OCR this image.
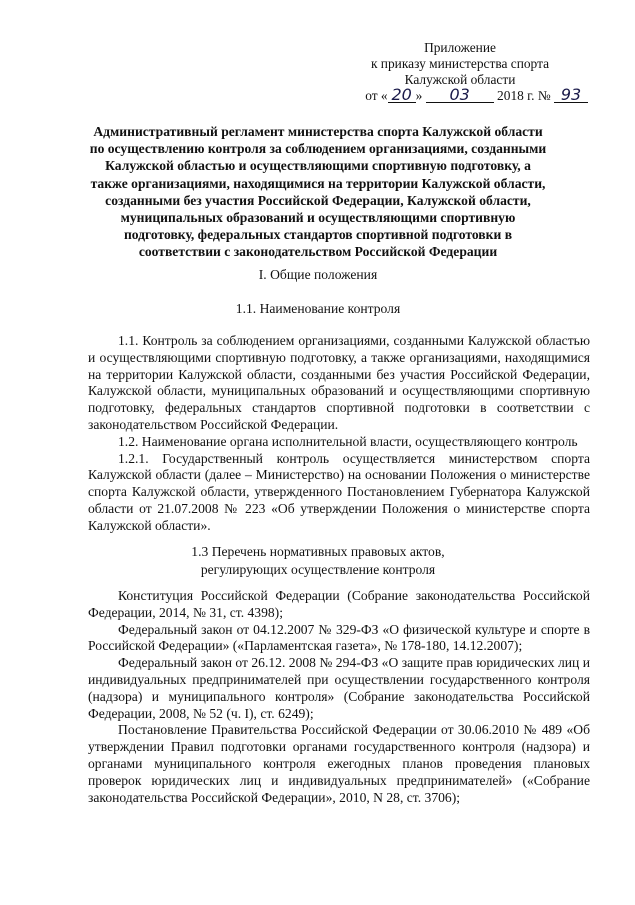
Приложение
к приказу министерства спорта
Калужской области
от « 20 » 03 2018 г. № 93
Административный регламент министерства спорта Калужской области по осуществлению контроля за соблюдением организациями, созданными Калужской областью и осуществляющими спортивную подготовку, а также организациями, находящимися на территории Калужской области, созданными без участия Российской Федерации, Калужской области, муниципальных образований и осуществляющими спортивную подготовку, федеральных стандартов спортивной подготовки в соответствии с законодательством Российской Федерации
I. Общие положения
1.1. Наименование контроля

1.1. Контроль за соблюдением организациями, созданными Калужской областью и осуществляющими спортивную подготовку, а также организациями, находящимися на территории Калужской области, созданными без участия Российской Федерации, Калужской области, муниципальных образований и осуществляющими спортивную подготовку, федеральных стандартов спортивной подготовки в соответствии с законодательством Российской Федерации.

1.2. Наименование органа исполнительной власти, осуществляющего контроль

1.2.1. Государственный контроль осуществляется министерством спорта Калужской области (далее – Министерство) на основании Положения о министерстве спорта Калужской области, утвержденного Постановлением Губернатора Калужской области от 21.07.2008 № 223 «Об утверждении Положения о министерстве спорта Калужской области».

1.3 Перечень нормативных правовых актов,
регулирующих осуществление контроля

Конституция Российской Федерации (Собрание законодательства Российской Федерации, 2014, № 31, ст. 4398);

Федеральный закон от 04.12.2007 № 329-ФЗ «О физической культуре и спорте в Российской Федерации» («Парламентская газета», № 178-180, 14.12.2007);

Федеральный закон от 26.12. 2008 № 294-ФЗ «О защите прав юридических лиц и индивидуальных предпринимателей при осуществлении государственного контроля (надзора) и муниципального контроля» (Собрание законодательства Российской Федерации, 2008, № 52 (ч. I), ст. 6249);

Постановление Правительства Российской Федерации от 30.06.2010 № 489 «Об утверждении Правил подготовки органами государственного контроля (надзора) и органами муниципального контроля ежегодных планов проведения плановых проверок юридических лиц и индивидуальных предпринимателей» («Собрание законодательства Российской Федерации», 2010, N 28, ст. 3706);
